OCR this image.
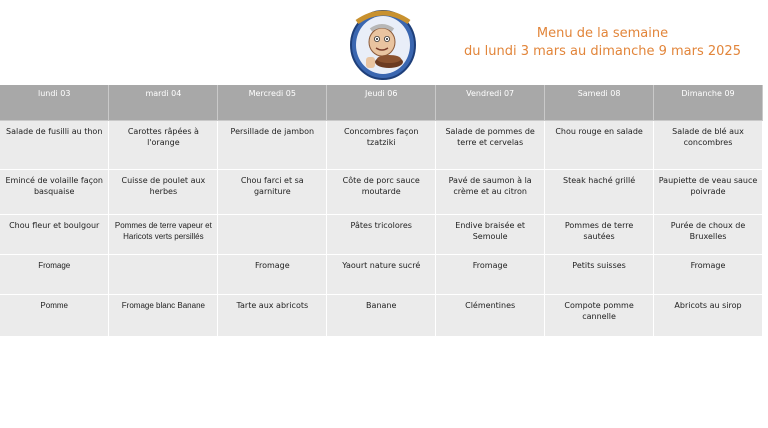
Menu de la semaine
du lundi 3 mars au dimanche 9 mars 2025
lundi 03	mardi 04	Mercredi 05	Jeudi 06	Vendredi 07	Samedi 08	Dimanche 09
Salade de fusilli au thon	Carottes râpées à l'orange	Persillade de jambon	Concombres façon tzatziki	Salade de pommes de terre et cervelas	Chou rouge en salade	Salade de blé aux concombres
Emincé de volaille façon basquaise	Cuisse de poulet aux herbes	Chou farci et sa garniture	Côte de porc sauce moutarde	Pavé de saumon à la crème et au citron	Steak haché grillé	Paupiette de veau sauce poivrade
Chou fleur et boulgour	Pommes de terre vapeur et Haricots verts persillés		Pâtes tricolores	Endive braisée et Semoule	Pommes de terre sautées	Purée de choux de Bruxelles
Fromage		Fromage	Yaourt nature sucré	Fromage	Petits suisses	Fromage
Pomme	Fromage blanc Banane	Tarte aux abricots	Banane	Clémentines	Compote pomme cannelle	Abricots au sirop
